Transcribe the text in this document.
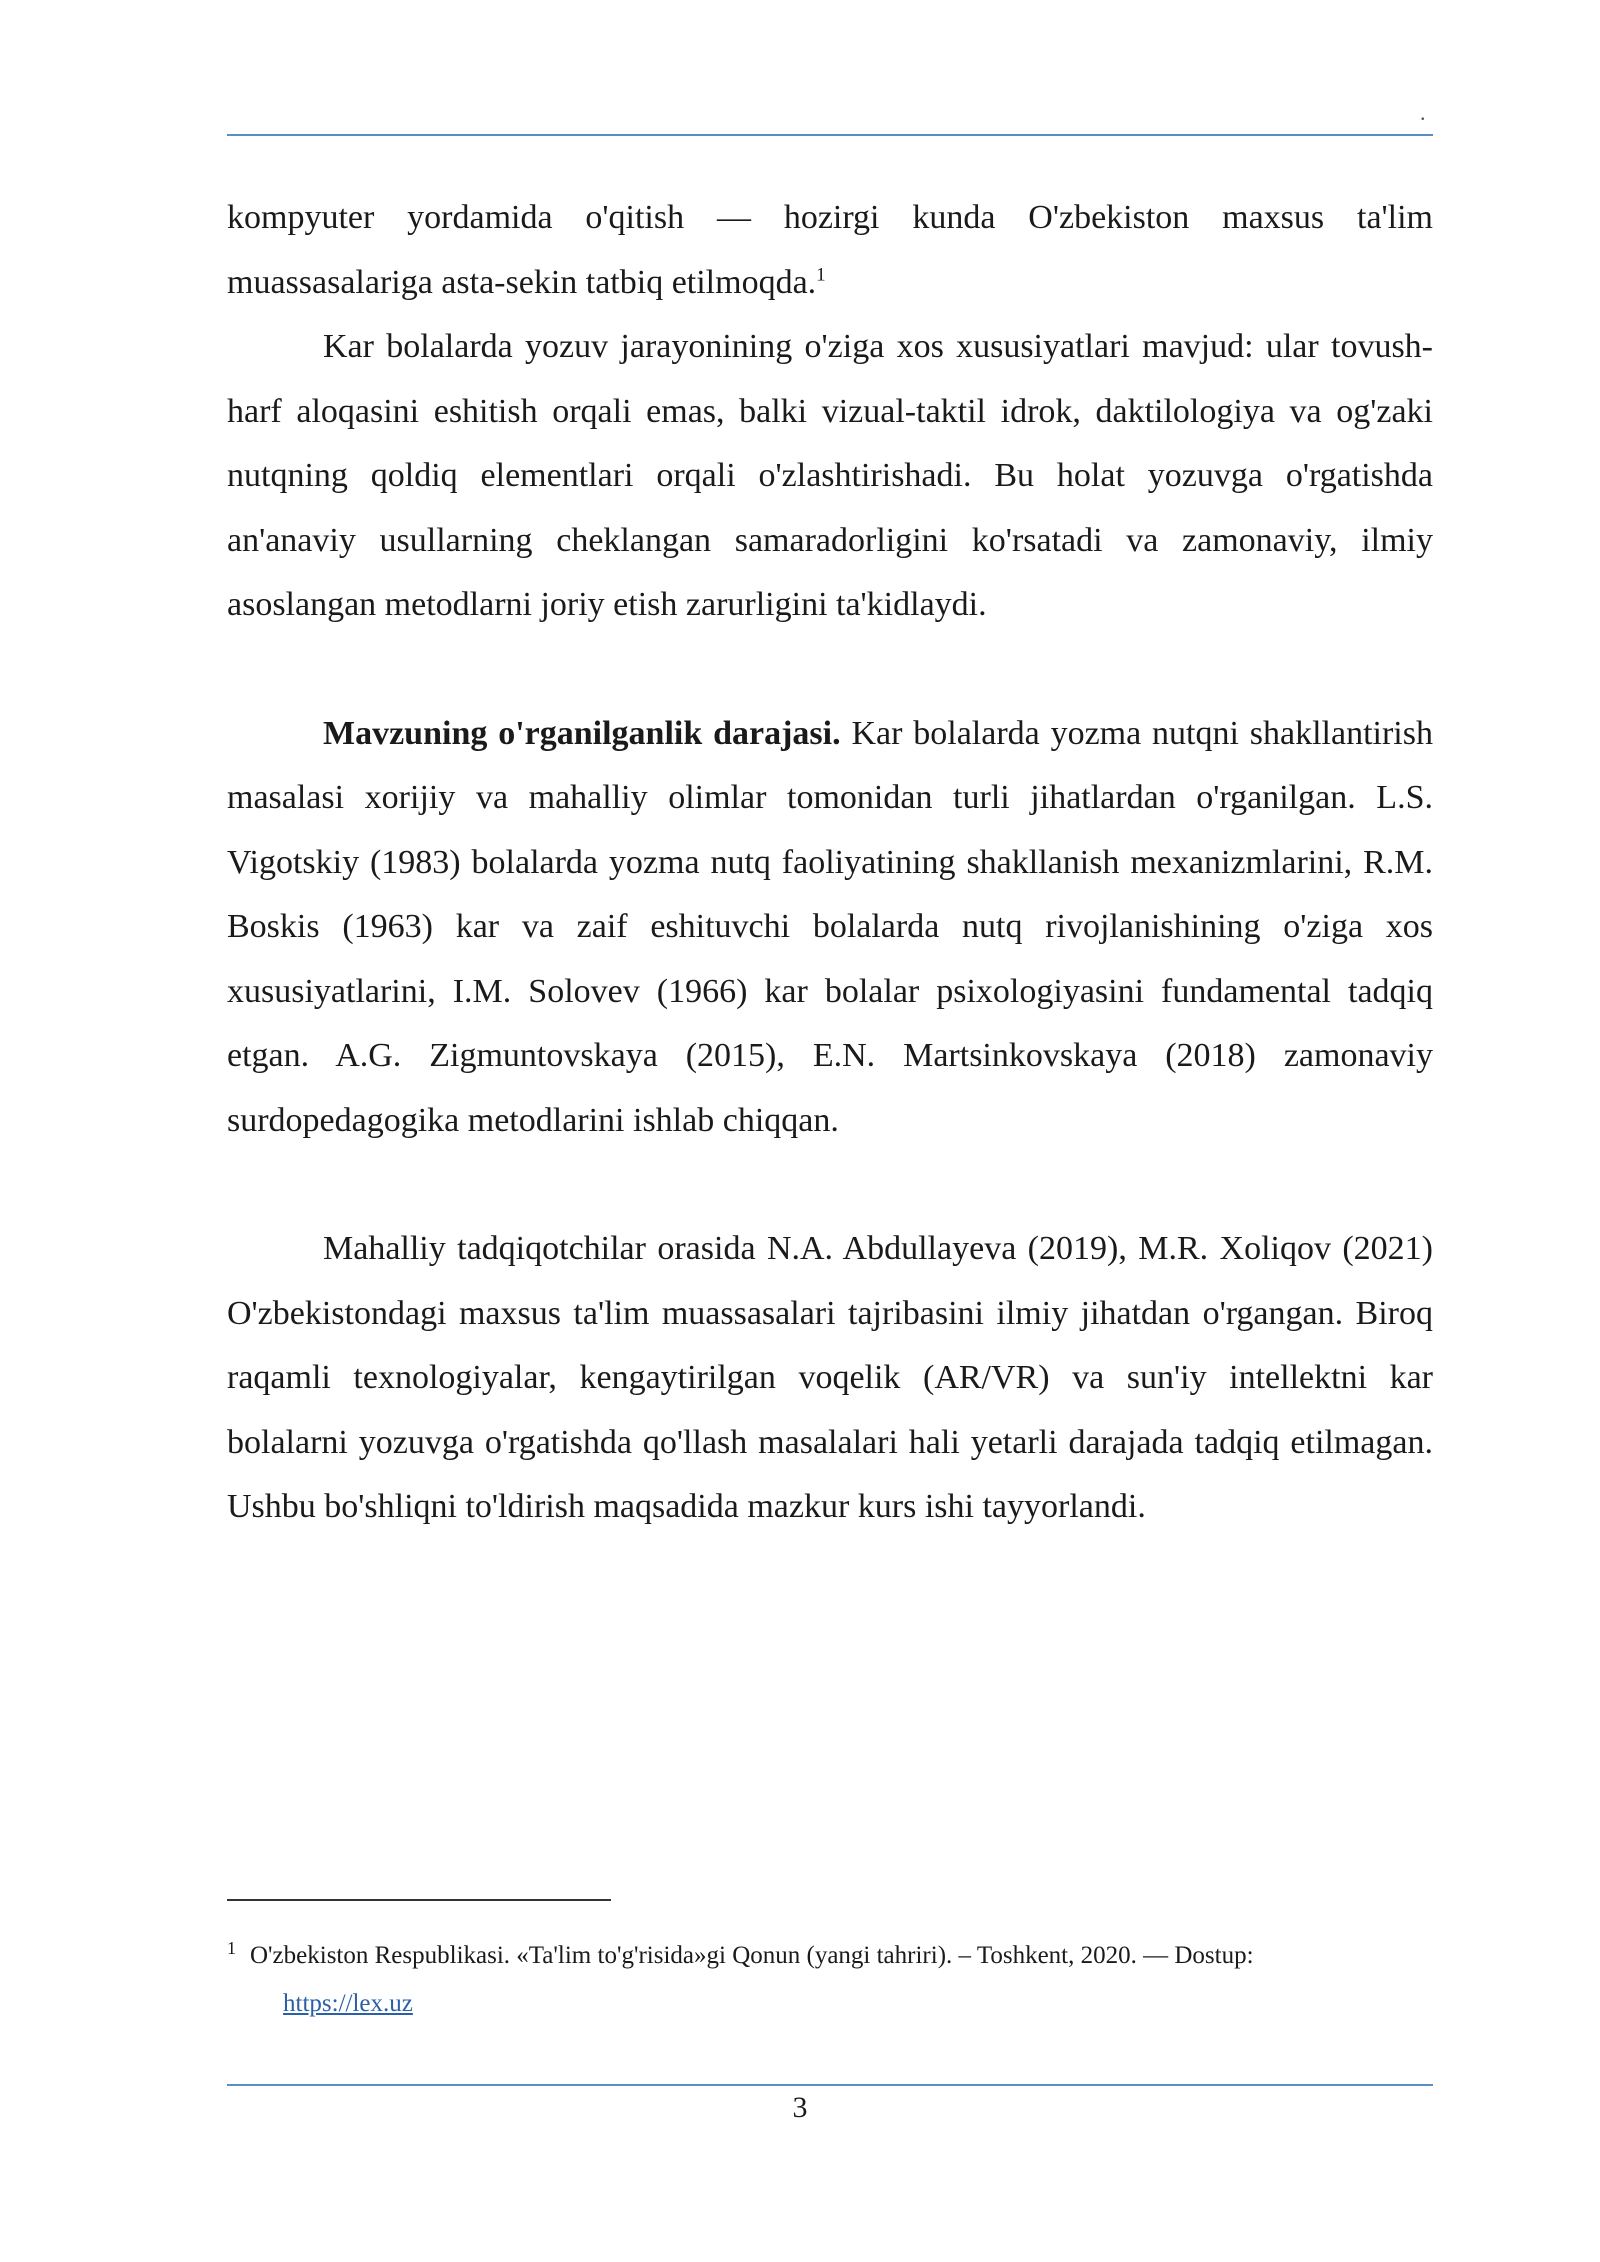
.

kompyuter yordamida o'qitish — hozirgi kunda O'zbekiston maxsus ta'lim muassasalariga asta-sekin tatbiq etilmoqda.$^1$

Kar bolalarda yozuv jarayonining o'ziga xos xususiyatlari mavjud: ular tovush-harf aloqasini eshitish orqali emas, balki vizual-taktil idrok, daktilologiya va og'zaki nutqning qoldiq elementlari orqali o'zlashtirishadi. Bu holat yozuvga o'rgatishda an'anaviy usullarning cheklangan samaradorligini ko'rsatadi va zamonaviy, ilmiy asoslangan metodlarni joriy etish zarurligini ta'kidlaydi.

Mavzuning o'rganilganlik darajasi. Kar bolalarda yozma nutqni shakllantirish masalasi xorijiy va mahalliy olimlar tomonidan turli jihatlardan o'rganilgan. L.S. Vigotskiy (1983) bolalarda yozma nutq faoliyatining shakllanish mexanizmlarini, R.M. Boskis (1963) kar va zaif eshituvchi bolalarda nutq rivojlanishining o'ziga xos xususiyatlarini, I.M. Solovev (1966) kar bolalar psixologiyasini fundamental tadqiq etgan. A.G. Zigmuntovskaya (2015), E.N. Martsinkovskaya (2018) zamonaviy surdopedagogika metodlarini ishlab chiqqan.

Mahalliy tadqiqotchilar orasida N.A. Abdullayeva (2019), M.R. Xoliqov (2021) O'zbekistondagi maxsus ta'lim muassasalari tajribasini ilmiy jihatdan o'rgangan. Biroq raqamli texnologiyalar, kengaytirilgan voqelik (AR/VR) va sun'iy intellektni kar bolalarni yozuvga o'rgatishda qo'llash masalalari hali yetarli darajada tadqiq etilmagan. Ushbu bo'shliqni to'ldirish maqsadida mazkur kurs ishi tayyorlandi.

$^1$ O'zbekiston Respublikasi. «Ta'lim to'g'risida»gi Qonun (yangi tahriri). – Toshkent, 2020. — Dostup:
https://lex.uz
3
